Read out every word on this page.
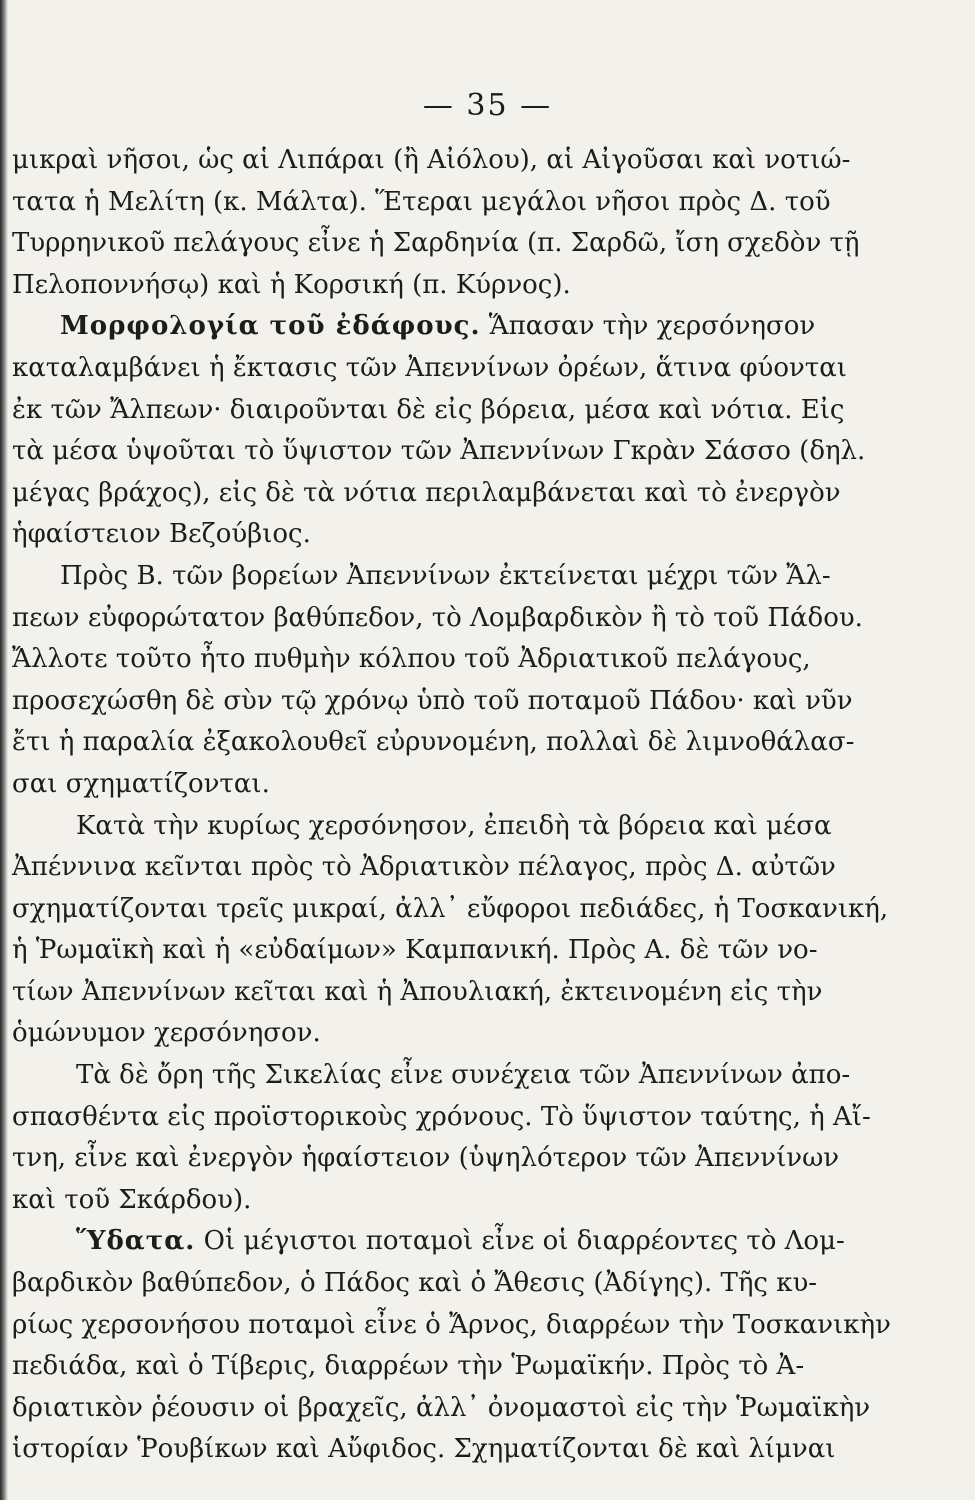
— 35 —
μικραὶ νῆσοι, ὡς αἱ Λιπάραι (ἢ Αἰόλου), αἱ Αἰγοῦσαι καὶ νοτιώ-
τατα ἡ Μελίτη (κ. Μάλτα). Ἕτεραι μεγάλοι νῆσοι πρὸς Δ. τοῦ
Τυρρηνικοῦ πελάγους εἶνε ἡ Σαρδηνία (π. Σαρδῶ, ἴση σχεδὸν τῇ
Πελοποννήσῳ) καὶ ἡ Κορσική (π. Κύρνος).
Μορφολογία τοῦ ἐδάφους. Ἅπασαν τὴν χερσόνησον
καταλαμβάνει ἡ ἔκτασις τῶν Ἀπεννίνων ὀρέων, ἅτινα φύονται
ἐκ τῶν Ἄλπεων· διαιροῦνται δὲ εἰς βόρεια, μέσα καὶ νότια. Εἰς
τὰ μέσα ὑψοῦται τὸ ὕψιστον τῶν Ἀπεννίνων Γκρὰν Σάσσο (δηλ.
μέγας βράχος), εἰς δὲ τὰ νότια περιλαμβάνεται καὶ τὸ ἐνεργὸν
ἡφαίστειον Βεζούβιος.
Πρὸς Β. τῶν βορείων Ἀπεννίνων ἐκτείνεται μέχρι τῶν Ἄλ-
πεων εὐφορώτατον βαθύπεδον, τὸ Λομβαρδικὸν ἢ τὸ τοῦ Πάδου.
Ἄλλοτε τοῦτο ἦτο πυθμὴν κόλπου τοῦ Ἀδριατικοῦ πελάγους,
προσεχώσθη δὲ σὺν τῷ χρόνῳ ὑπὸ τοῦ ποταμοῦ Πάδου· καὶ νῦν
ἔτι ἡ παραλία ἐξακολουθεῖ εὐρυνομένη, πολλαὶ δὲ λιμνοθάλασ-
σαι σχηματίζονται.
Κατὰ τὴν κυρίως χερσόνησον, ἐπειδὴ τὰ βόρεια καὶ μέσα
Ἀπέννινα κεῖνται πρὸς τὸ Ἀδριατικὸν πέλαγος, πρὸς Δ. αὐτῶν
σχηματίζονται τρεῖς μικραί, ἀλλ᾿ εὔφοροι πεδιάδες, ἡ Τοσκανική,
ἡ Ῥωμαϊκὴ καὶ ἡ «εὐδαίμων» Καμπανική. Πρὸς Α. δὲ τῶν νο-
τίων Ἀπεννίνων κεῖται καὶ ἡ Ἀπουλιακή, ἐκτεινομένη εἰς τὴν
ὁμώνυμον χερσόνησον.
Τὰ δὲ ὄρη τῆς Σικελίας εἶνε συνέχεια τῶν Ἀπεννίνων ἀπο-
σπασθέντα εἰς προϊστορικοὺς χρόνους. Τὸ ὕψιστον ταύτης, ἡ Αἴ-
τνη, εἶνε καὶ ἐνεργὸν ἡφαίστειον (ὑψηλότερον τῶν Ἀπεννίνων
καὶ τοῦ Σκάρδου).
Ὕδατα. Οἱ μέγιστοι ποταμοὶ εἶνε οἱ διαρρέοντες τὸ Λομ-
βαρδικὸν βαθύπεδον, ὁ Πάδος καὶ ὁ Ἄθεσις (Ἀδίγης). Τῆς κυ-
ρίως χερσονήσου ποταμοὶ εἶνε ὁ Ἄρνος, διαρρέων τὴν Τοσκανικὴν
πεδιάδα, καὶ ὁ Τίβερις, διαρρέων τὴν Ῥωμαϊκήν. Πρὸς τὸ Ἀ-
δριατικὸν ῥέουσιν οἱ βραχεῖς, ἀλλ᾿ ὀνομαστοὶ εἰς τὴν Ῥωμαϊκὴν
ἱστορίαν Ῥουβίκων καὶ Αὔφιδος. Σχηματίζονται δὲ καὶ λίμναι
